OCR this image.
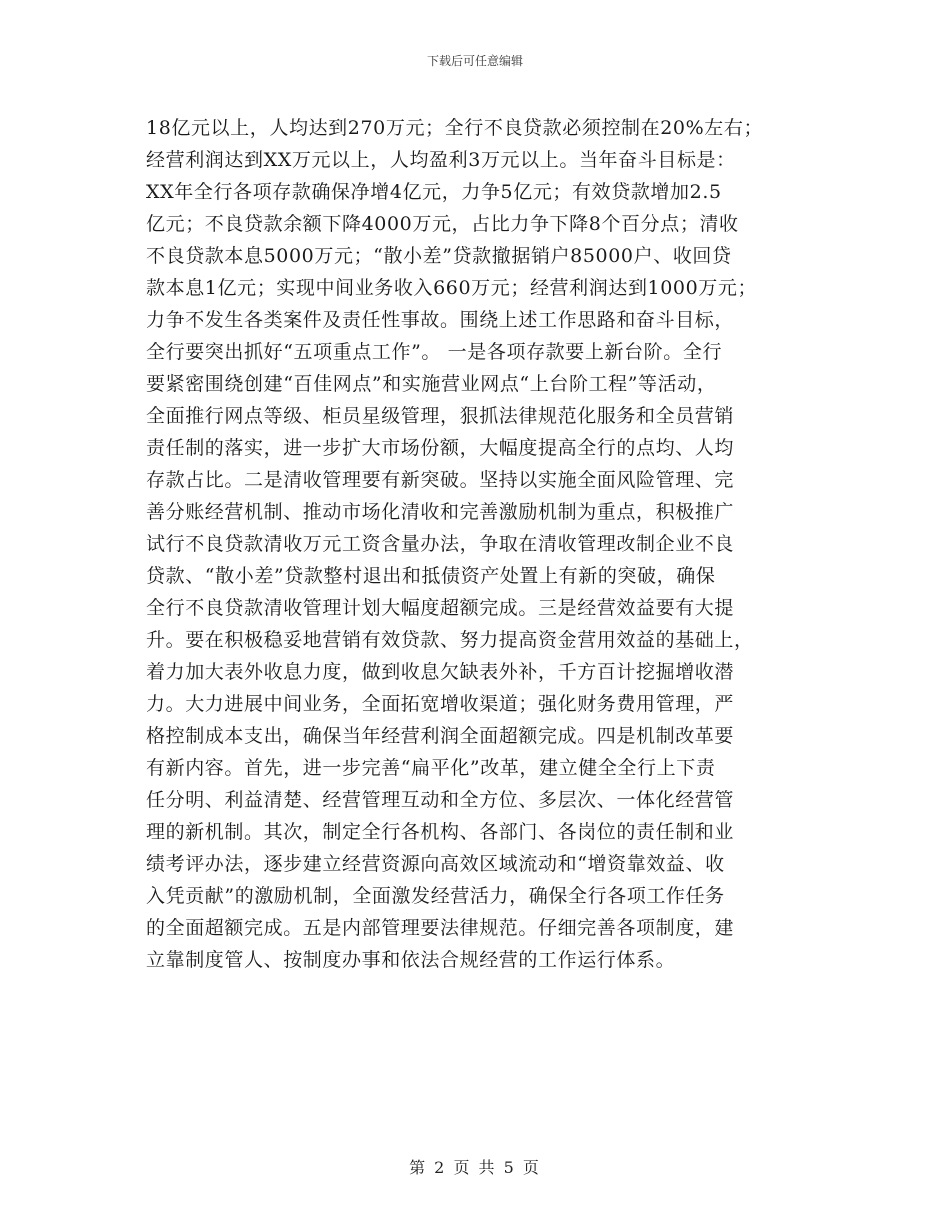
下载后可任意编辑
18亿元以上，人均达到270万元；全行不良贷款必须控制在20%左右；
经营利润达到XX万元以上，人均盈利3万元以上。当年奋斗目标是：
XX年全行各项存款确保净增4亿元，力争5亿元；有效贷款增加2.5
亿元；不良贷款余额下降4000万元，占比力争下降8个百分点；清收
不良贷款本息5000万元；“散小差”贷款撤据销户85000户、收回贷
款本息1亿元；实现中间业务收入660万元；经营利润达到1000万元；
力争不发生各类案件及责任性事故。围绕上述工作思路和奋斗目标，
全行要突出抓好“五项重点工作”。 一是各项存款要上新台阶。全行
要紧密围绕创建“百佳网点”和实施营业网点“上台阶工程”等活动，
全面推行网点等级、柜员星级管理，狠抓法律规范化服务和全员营销
责任制的落实，进一步扩大市场份额，大幅度提高全行的点均、人均
存款占比。二是清收管理要有新突破。坚持以实施全面风险管理、完
善分账经营机制、推动市场化清收和完善激励机制为重点，积极推广
试行不良贷款清收万元工资含量办法，争取在清收管理改制企业不良
贷款、“散小差”贷款整村退出和抵债资产处置上有新的突破，确保
全行不良贷款清收管理计划大幅度超额完成。三是经营效益要有大提
升。要在积极稳妥地营销有效贷款、努力提高资金营用效益的基础上，
着力加大表外收息力度，做到收息欠缺表外补，千方百计挖掘增收潜
力。大力进展中间业务，全面拓宽增收渠道；强化财务费用管理，严
格控制成本支出，确保当年经营利润全面超额完成。四是机制改革要
有新内容。首先，进一步完善“扁平化”改革，建立健全全行上下责
任分明、利益清楚、经营管理互动和全方位、多层次、一体化经营管
理的新机制。其次，制定全行各机构、各部门、各岗位的责任制和业
绩考评办法，逐步建立经营资源向高效区域流动和“增资靠效益、收
入凭贡献”的激励机制，全面激发经营活力，确保全行各项工作任务
的全面超额完成。五是内部管理要法律规范。仔细完善各项制度，建
立靠制度管人、按制度办事和依法合规经营的工作运行体系。
第 2 页 共 5 页
